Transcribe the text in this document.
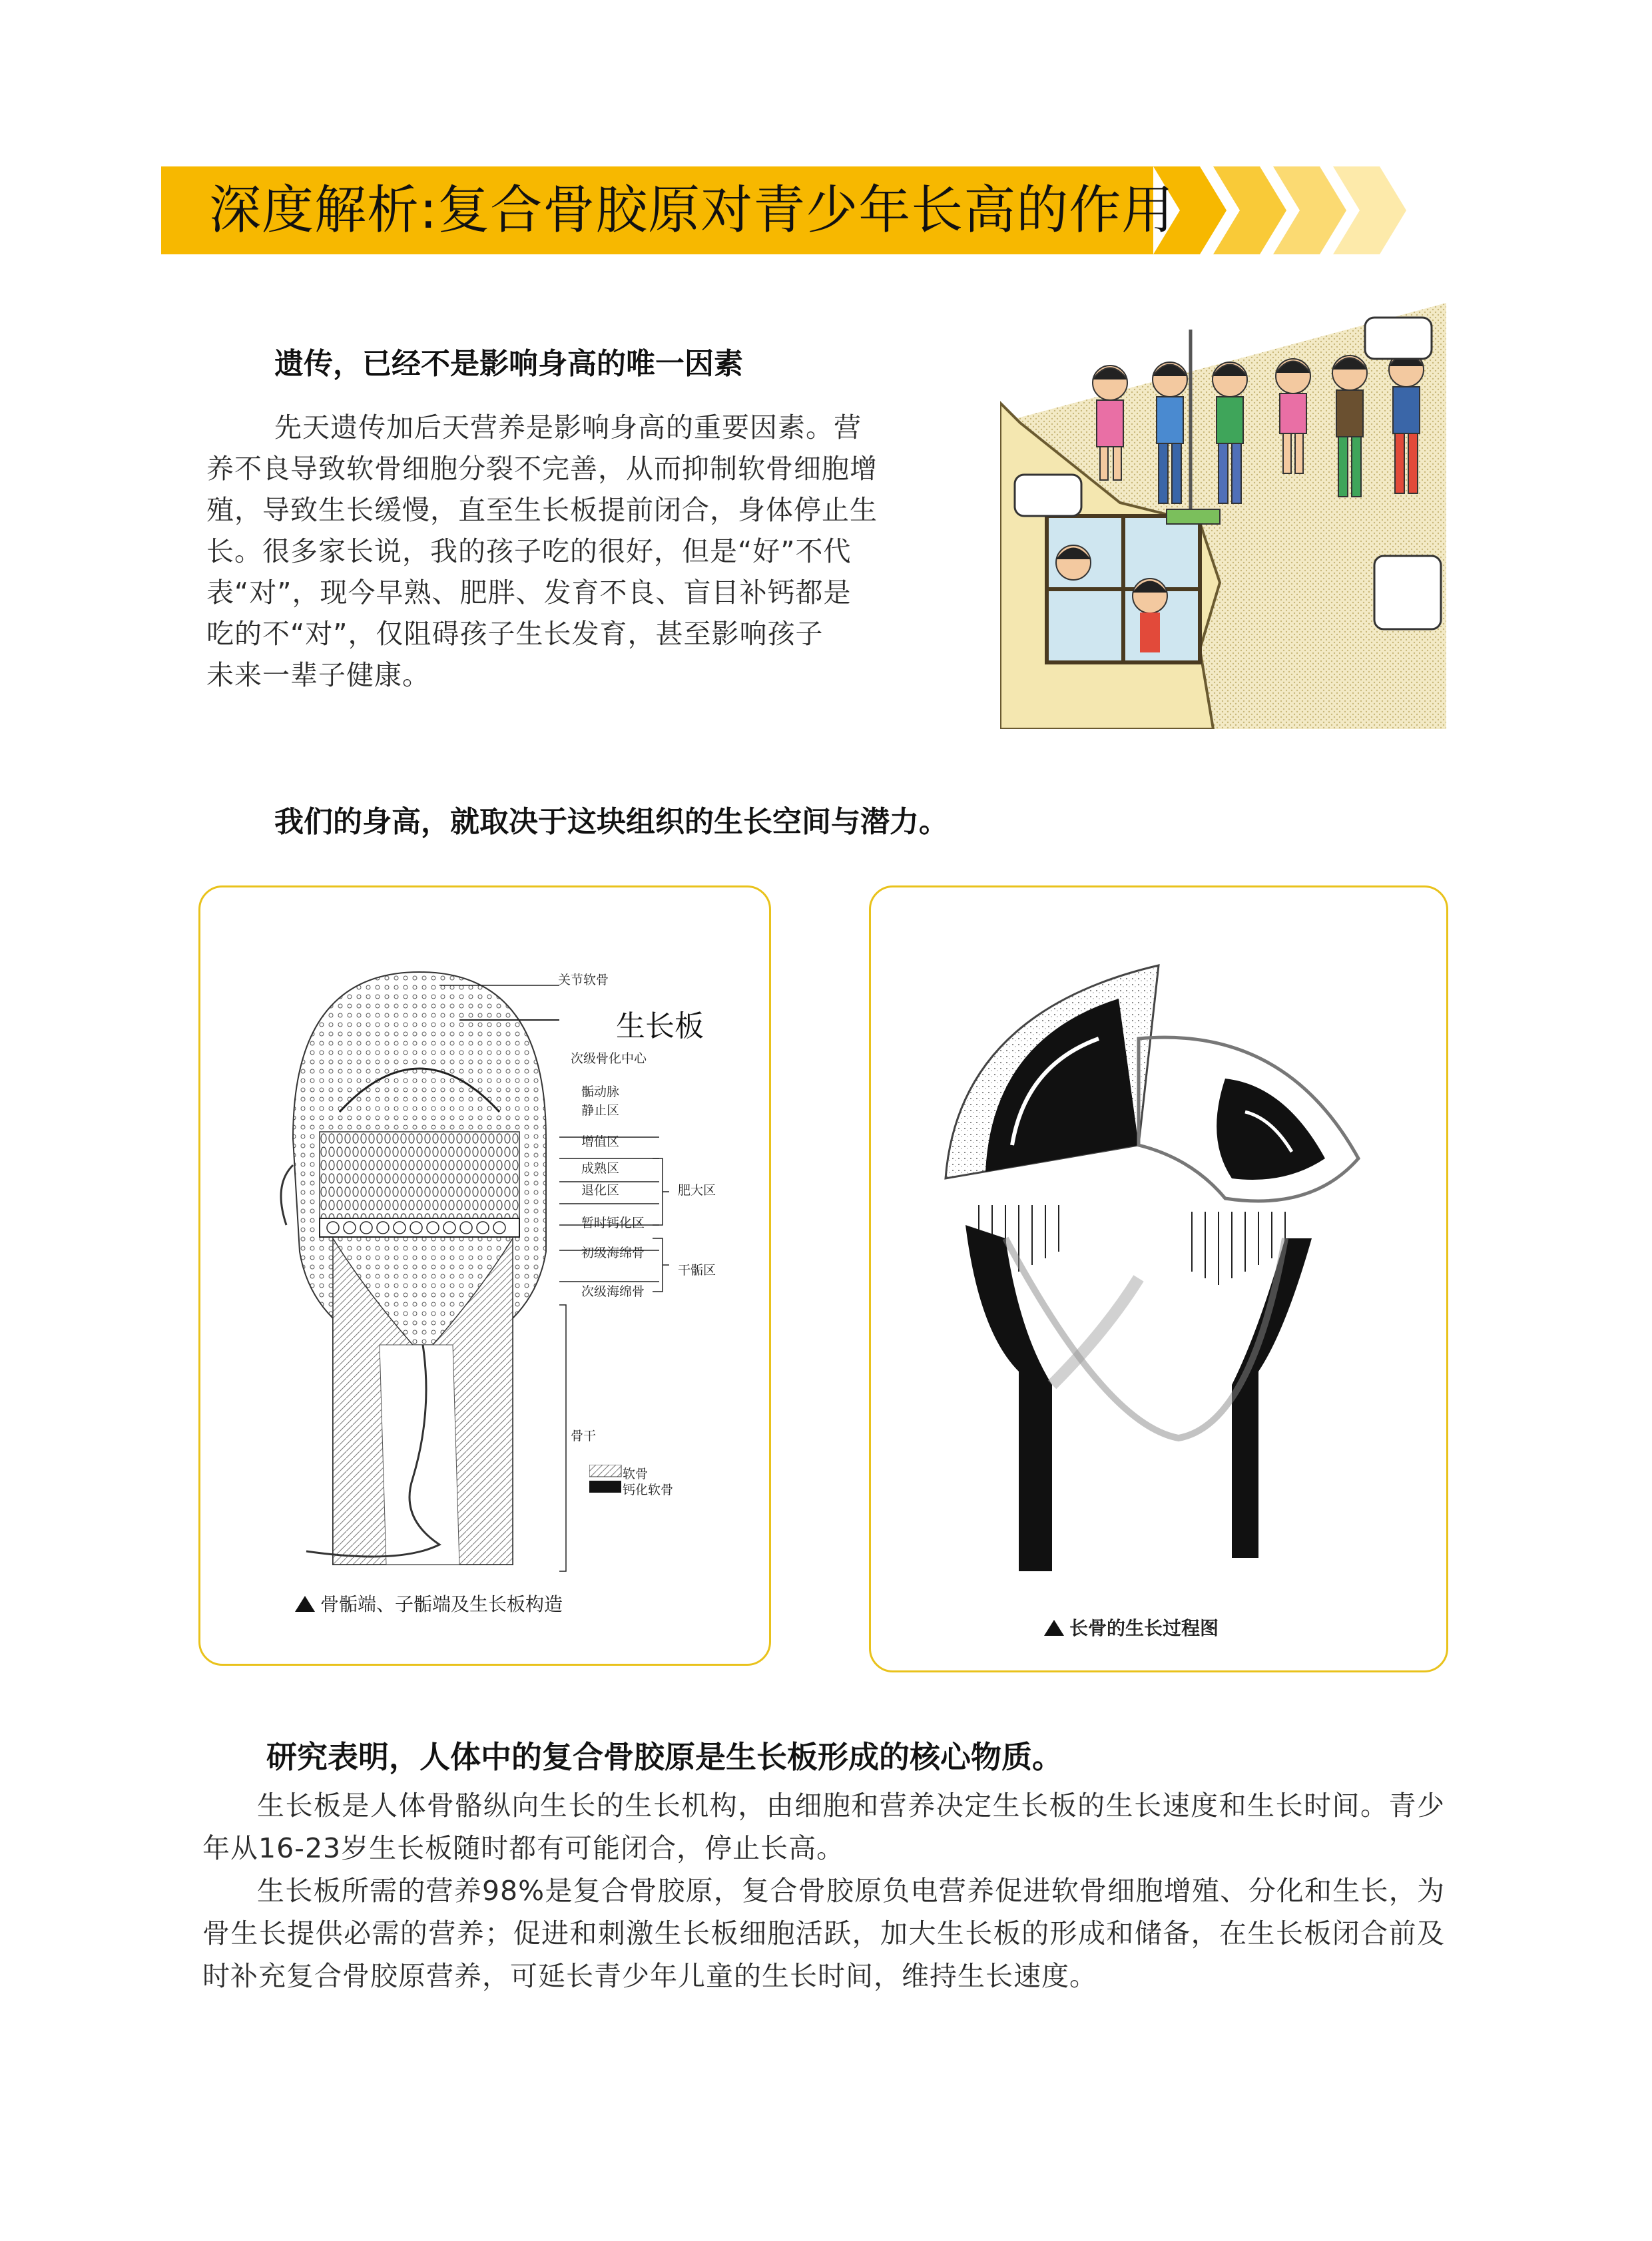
深度解析:复合骨胶原对青少年长高的作用
遗传，已经不是影响身高的唯一因素
先天遗传加后天营养是影响身高的重要因素。营
养不良导致软骨细胞分裂不完善，从而抑制软骨细胞增
殖，导致生长缓慢，直至生长板提前闭合，身体停止生
长。很多家长说，我的孩子吃的很好，但是“好”不代
表“对”，现今早熟、肥胖、发育不良、盲目补钙都是
吃的不“对”，仅阻碍孩子生长发育，甚至影响孩子
未来一辈子健康。
我们的身高，就取决于这块组织的生长空间与潜力。
关节软骨
生长板
次级骨化中心
骺动脉
静止区
增值区
成熟区
退化区	肥大区
暂时钙化区
初级海绵骨
干骺区
次级海绵骨
骨干
软骨
钙化软骨
骨骺端、子骺端及生长板构造
长骨的生长过程图
研究表明，人体中的复合骨胶原是生长板形成的核心物质。
生长板是人体骨骼纵向生长的生长机构，由细胞和营养决定生长板的生长速度和生长时间。青少年从16-23岁生长板随时都有可能闭合，停止长高。
生长板所需的营养98%是复合骨胶原，复合骨胶原负电营养促进软骨细胞增殖、分化和生长，为骨生长提供必需的营养；促进和刺激生长板细胞活跃，加大生长板的形成和储备，在生长板闭合前及时补充复合骨胶原营养，可延长青少年儿童的生长时间，维持生长速度。
